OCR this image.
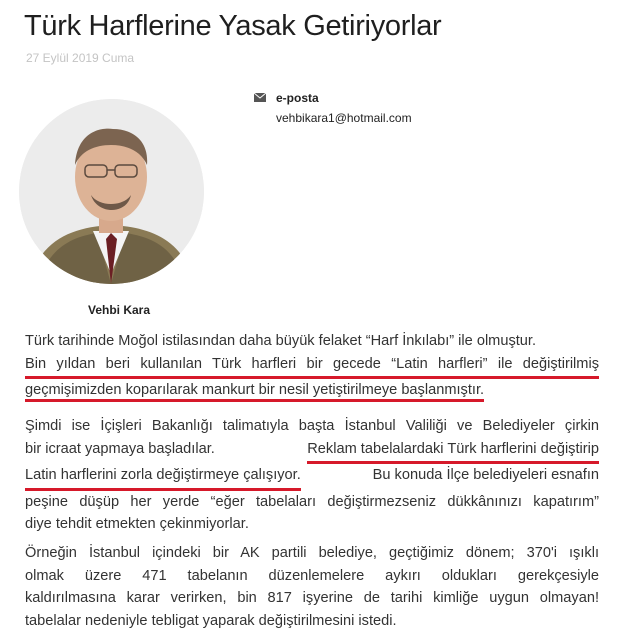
Türk Harflerine Yasak Getiriyorlar
27 Eylül 2019 Cuma
Vehbi Kara
e-posta
vehbikara1@hotmail.com

Türk tarihinde Moğol istilasından daha büyük felaket “Harf İnkılabı” ile olmuştur.
Bin yıldan beri kullanılan Türk harfleri bir gecede “Latin harfleri” ile değiştirilmiş
geçmişimizden koparılarak mankurt bir nesil yetiştirilmeye başlanmıştır.

Şimdi ise İçişleri Bakanlığı talimatıyla başta İstanbul Valiliği ve Belediyeler çirkin
bir icraat yapmaya başladılar.	Reklam tabelalardaki Türk harflerini değiştirip
Latin harflerini zorla değiştirmeye çalışıyor.	Bu konuda İlçe belediyeleri esnafın
peşine düşüp her yerde “eğer tabelaları değiştirmezseniz dükkânınızı kapatırım”
diye tehdit etmekten çekinmiyorlar.

Örneğin İstanbul içindeki bir AK partili belediye, geçtiğimiz dönem; 370'i ışıklı
olmak üzere 471 tabelanın düzenlemelere aykırı oldukları gerekçesiyle
kaldırılmasına karar verirken, bin 817 işyerine de tarihi kimliğe uygun olmayan!
tabelalar nedeniyle tebligat yaparak değiştirilmesini istedi.
